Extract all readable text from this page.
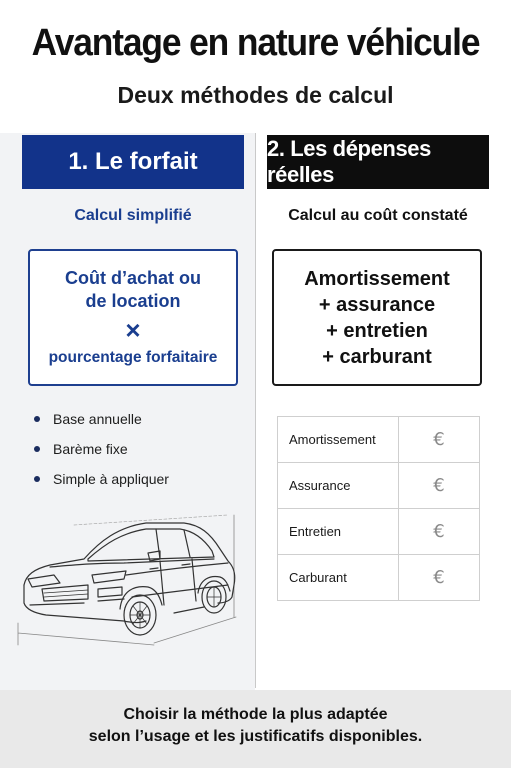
Avantage en nature véhicule
Deux méthodes de calcul
1. Le forfait	2. Les dépenses réelles
Calcul simplifié	Calcul au coût constaté
Coût d’achat ou
de location
×
pourcentage forfaitaire
Amortissement
+ assurance
+ entretien
+ carburant
Base annuelle
Barème fixe
Simple à appliquer
Amortissement	€
Assurance	€
Entretien	€
Carburant	€
Choisir la méthode la plus adaptée
selon l’usage et les justificatifs disponibles.
